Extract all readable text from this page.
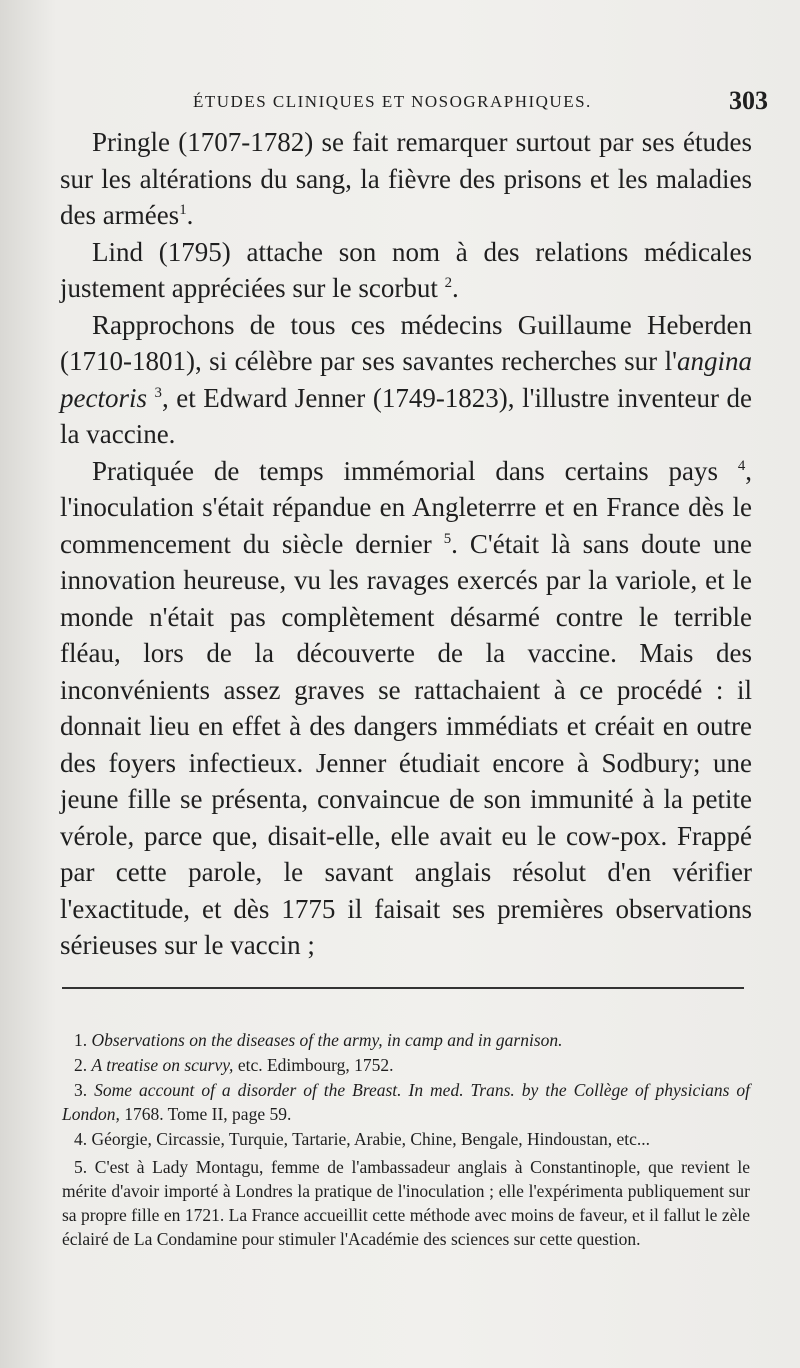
ÉTUDES CLINIQUES ET NOSOGRAPHIQUES.	303

Pringle (1707-1782) se fait remarquer surtout par ses études sur les altérations du sang, la fièvre des prisons et les maladies des armées$^1$.

Lind (1795) attache son nom à des relations médicales justement appréciées sur le scorbut $^2$.

Rapprochons de tous ces médecins Guillaume Heberden (1710-1801), si célèbre par ses savantes recherches sur l'angina pectoris $^3$, et Edward Jenner (1749-1823), l'illustre inventeur de la vaccine.

Pratiquée de temps immémorial dans certains pays $^4$, l'inoculation s'était répandue en Angleterrre et en France dès le commencement du siècle dernier $^5$. C'était là sans doute une innovation heureuse, vu les ravages exercés par la variole, et le monde n'était pas complètement désarmé contre le terrible fléau, lors de la découverte de la vaccine. Mais des inconvénients assez graves se rattachaient à ce procédé : il donnait lieu en effet à des dangers immédiats et créait en outre des foyers infectieux. Jenner étudiait encore à Sodbury; une jeune fille se présenta, convaincue de son immunité à la petite vérole, parce que, disait-elle, elle avait eu le cow-pox. Frappé par cette parole, le savant anglais résolut d'en vérifier l'exactitude, et dès 1775 il faisait ses premières observations sérieuses sur le vaccin ;

1. Observations on the diseases of the army, in camp and in garnison.

2. A treatise on scurvy, etc. Edimbourg, 1752.

3. Some account of a disorder of the Breast. In med. Trans. by the Collège of physicians of London, 1768. Tome II, page 59.

4. Géorgie, Circassie, Turquie, Tartarie, Arabie, Chine, Bengale, Hindoustan, etc...

5. C'est à Lady Montagu, femme de l'ambassadeur anglais à Constantinople, que revient le mérite d'avoir importé à Londres la pratique de l'inoculation ; elle l'expérimenta publiquement sur sa propre fille en 1721. La France accueillit cette méthode avec moins de faveur, et il fallut le zèle éclairé de La Condamine pour stimuler l'Académie des sciences sur cette question.
